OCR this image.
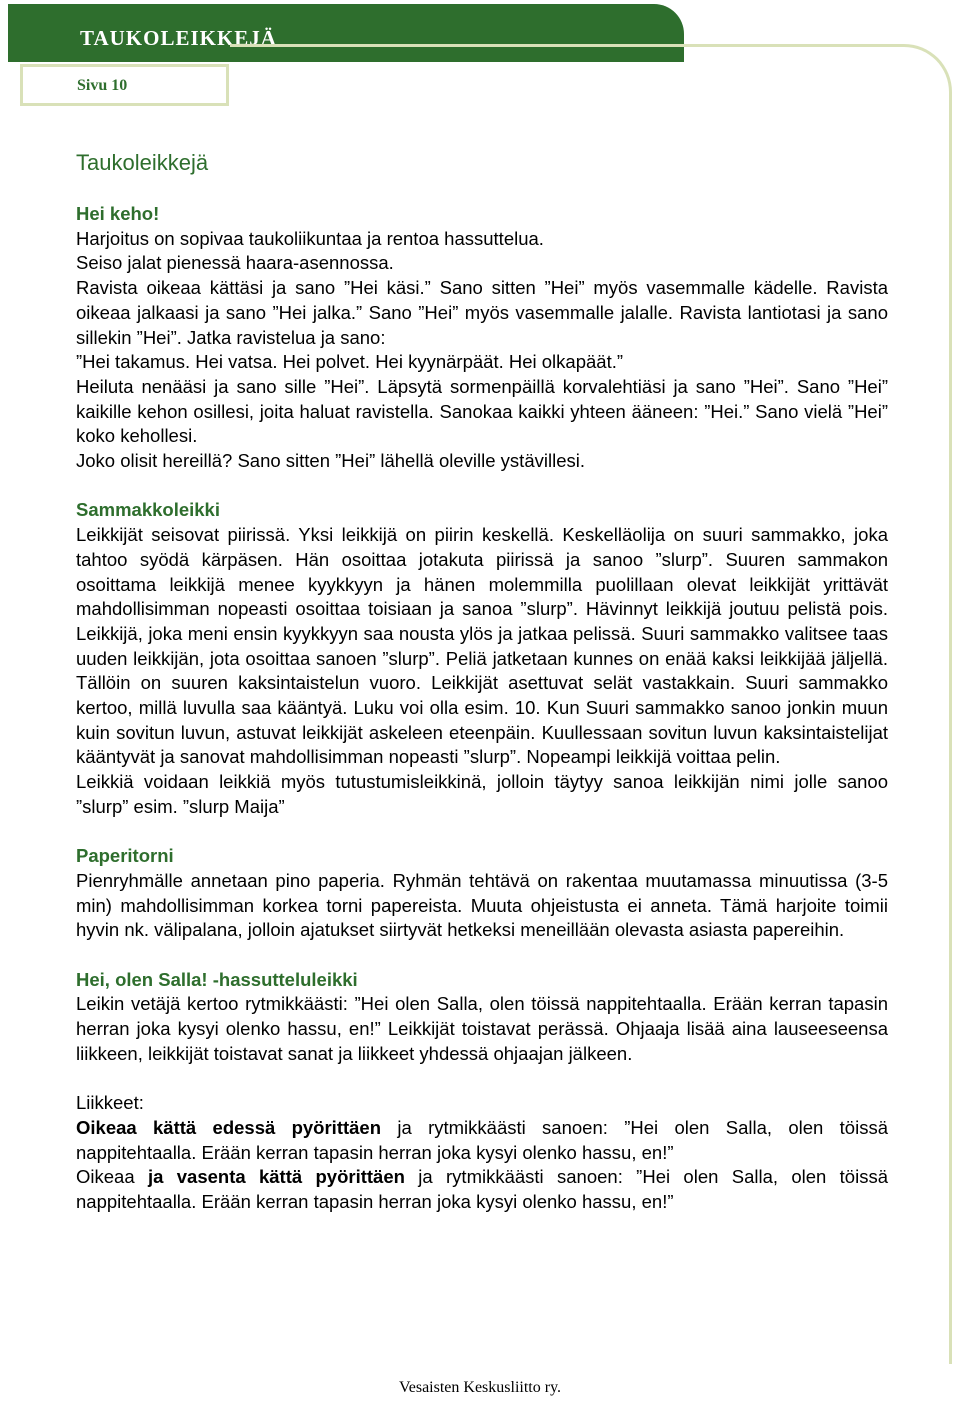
TAUKOLEIKKEJÄ
Sivu 10
Taukoleikkejä
Hei keho!

Harjoitus on sopivaa taukoliikuntaa ja rentoa hassuttelua.

Seiso jalat pienessä haara-asennossa.

Ravista oikeaa kättäsi ja sano ”Hei käsi.” Sano sitten ”Hei” myös vasemmalle kädelle. Ravista oikeaa jalkaasi ja sano ”Hei jalka.” Sano ”Hei” myös vasemmalle jalalle. Ravista lantiotasi ja sano sillekin ”Hei”. Jatka ravistelua ja sano:

”Hei takamus. Hei vatsa. Hei polvet. Hei kyynärpäät. Hei olkapäät.”

Heiluta nenääsi ja sano sille ”Hei”. Läpsytä sormenpäillä korvalehtiäsi ja sano ”Hei”. Sano ”Hei” kaikille kehon osillesi, joita haluat ravistella. Sanokaa kaikki yhteen ääneen: ”Hei.” Sano vielä ”Hei” koko kehollesi.

Joko olisit hereillä? Sano sitten ”Hei” lähellä oleville ystävillesi.

Sammakkoleikki

Leikkijät seisovat piirissä. Yksi leikkijä on piirin keskellä. Keskelläolija on suuri sammakko, joka tahtoo syödä kärpäsen. Hän osoittaa jotakuta piirissä ja sanoo ”slurp”. Suuren sammakon osoittama leikkijä menee kyykkyyn ja hänen molemmilla puolillaan olevat leikkijät yrittävät mahdollisimman nopeasti osoittaa toisiaan ja sanoa ”slurp”. Hävinnyt leikkijä joutuu pelistä pois. Leikkijä, joka meni ensin kyykkyyn saa nousta ylös ja jatkaa pelissä. Suuri sammakko valitsee taas uuden leikkijän, jota osoittaa sanoen ”slurp”. Peliä jatketaan kunnes on enää kaksi leikkijää jäljellä. Tällöin on suuren kaksintaistelun vuoro. Leikkijät asettuvat selät vastakkain. Suuri sammakko kertoo, millä luvulla saa kääntyä. Luku voi olla esim. 10. Kun Suuri sammakko sanoo jonkin muun kuin sovitun luvun, astuvat leikkijät askeleen eteenpäin. Kuullessaan sovitun luvun kaksintaistelijat kääntyvät ja sanovat mahdollisimman nopeasti ”slurp”. Nopeampi leikkijä voittaa pelin.

Leikkiä voidaan leikkiä myös tutustumisleikkinä, jolloin täytyy sanoa leikkijän nimi jolle sanoo ”slurp” esim. ”slurp Maija”

Paperitorni

Pienryhmälle annetaan pino paperia. Ryhmän tehtävä on rakentaa muutamassa minuutissa (3-5 min) mahdollisimman korkea torni papereista. Muuta ohjeistusta ei anneta. Tämä harjoite toimii hyvin nk. välipalana, jolloin ajatukset siirtyvät hetkeksi meneillään olevasta asiasta papereihin.

Hei, olen Salla! -hassutteluleikki

Leikin vetäjä kertoo rytmikkäästi: ”Hei olen Salla, olen töissä nappitehtaalla. Erään kerran tapasin herran joka kysyi olenko hassu, en!” Leikkijät toistavat perässä. Ohjaaja lisää aina lauseeseensa liikkeen, leikkijät toistavat sanat ja liikkeet yhdessä ohjaajan jälkeen.

Liikkeet:

Oikeaa kättä edessä pyörittäen ja rytmikkäästi sanoen: ”Hei olen Salla, olen töissä nappitehtaalla. Erään kerran tapasin herran joka kysyi olenko hassu, en!”

Oikeaa ja vasenta kättä pyörittäen ja rytmikkäästi sanoen: ”Hei olen Salla, olen töissä nappitehtaalla. Erään kerran tapasin herran joka kysyi olenko hassu, en!”

Vesaisten Keskusliitto ry.
